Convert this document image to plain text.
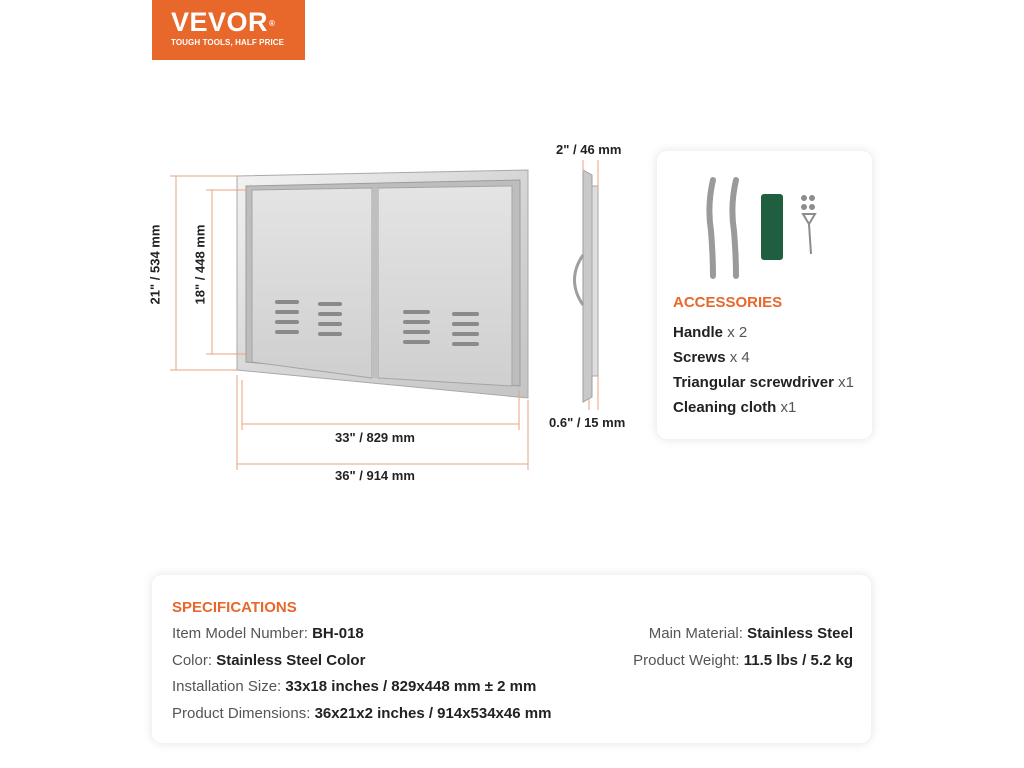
VEVOR®
TOUGH TOOLS, HALF PRICE
2" / 46 mm
21" / 534 mm 18" / 448 mm
33" / 829 mm
36" / 914 mm
0.6" / 15 mm
ACCESSORIES
Handle x 2
Screws x 4
Triangular screwdriver x1
Cleaning cloth x1
SPECIFICATIONS
Item Model Number: BH-018
Color: Stainless Steel Color
Installation Size: 33x18 inches / 829x448 mm ± 2 mm
Product Dimensions: 36x21x2 inches / 914x534x46 mm
Main Material: Stainless Steel
Product Weight: 11.5 lbs / 5.2 kg
